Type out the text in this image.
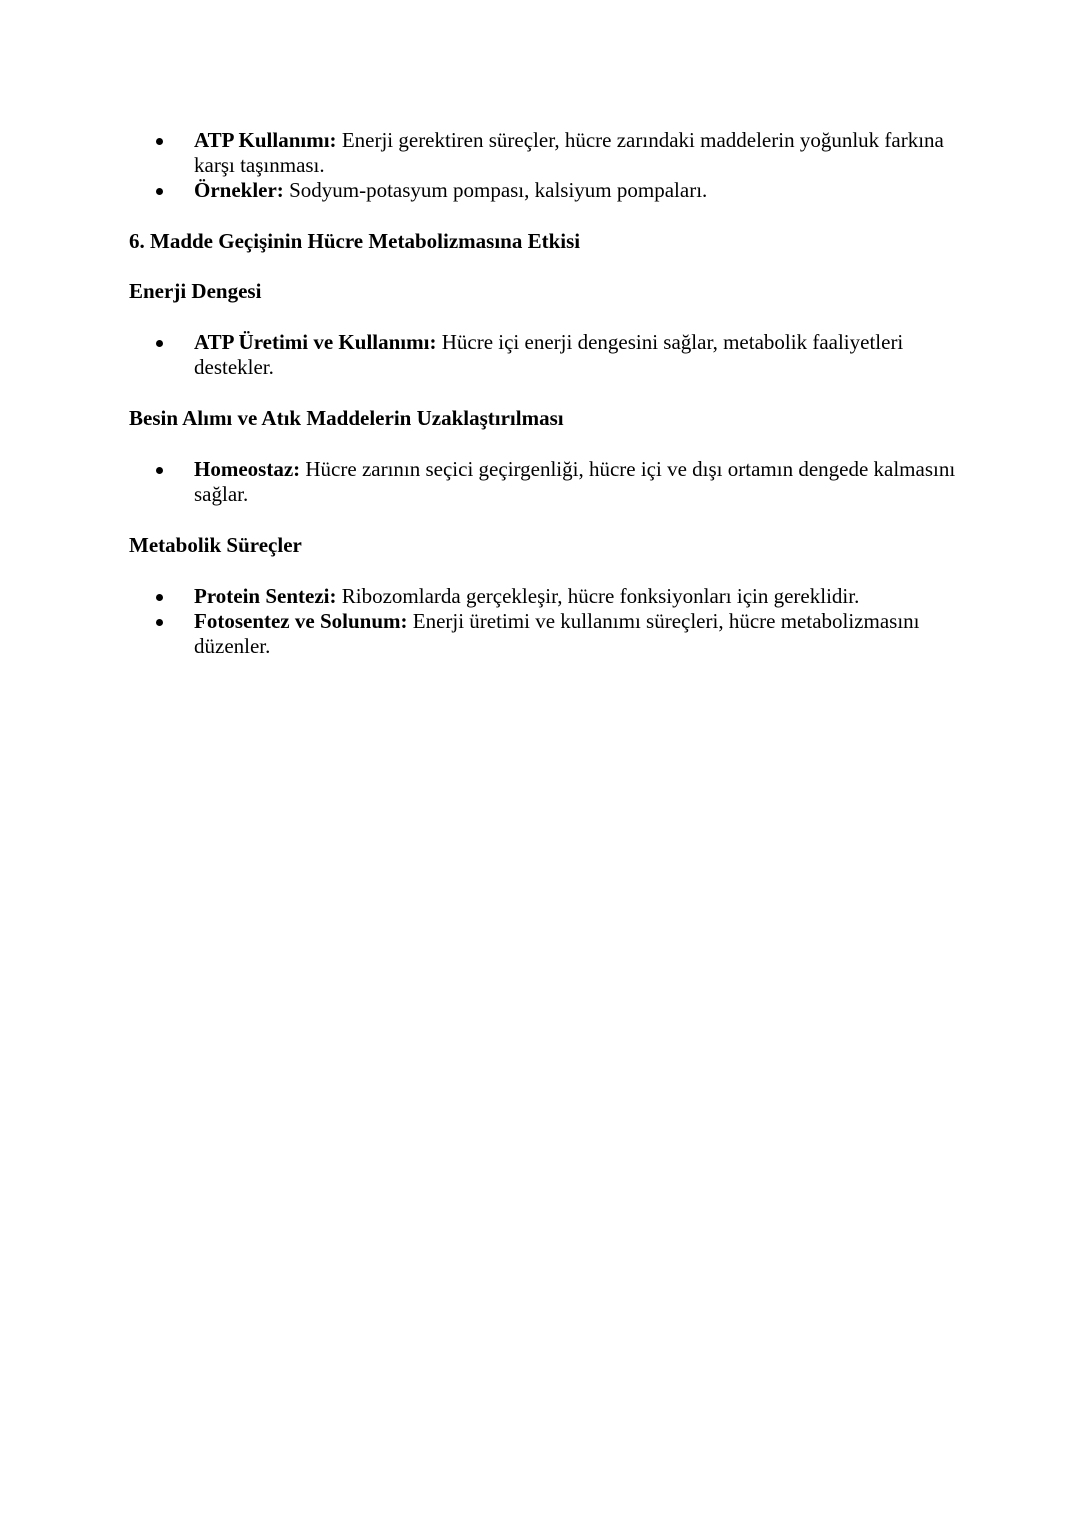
ATP Kullanımı: Enerji gerektiren süreçler, hücre zarındaki maddelerin yoğunluk farkına karşı taşınması.
Örnekler: Sodyum-potasyum pompası, kalsiyum pompaları.
6. Madde Geçişinin Hücre Metabolizmasına Etkisi
Enerji Dengesi
ATP Üretimi ve Kullanımı: Hücre içi enerji dengesini sağlar, metabolik faaliyetleri destekler.
Besin Alımı ve Atık Maddelerin Uzaklaştırılması
Homeostaz: Hücre zarının seçici geçirgenliği, hücre içi ve dışı ortamın dengede kalmasını sağlar.
Metabolik Süreçler
Protein Sentezi: Ribozomlarda gerçekleşir, hücre fonksiyonları için gereklidir.
Fotosentez ve Solunum: Enerji üretimi ve kullanımı süreçleri, hücre metabolizmasını düzenler.
